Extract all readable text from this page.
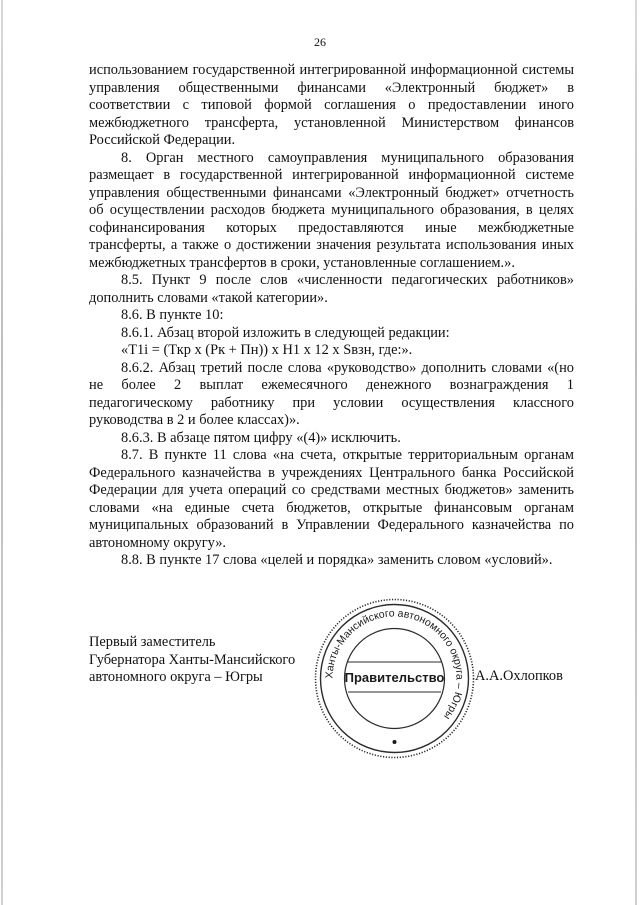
26

использованием государственной интегрированной информационной системы управления общественными финансами «Электронный бюджет» в соответствии с типовой формой соглашения о предоставлении иного межбюджетного трансферта, установленной Министерством финансов Российской Федерации.

8. Орган местного самоуправления муниципального образования размещает в государственной интегрированной информационной системе управления общественными финансами «Электронный бюджет» отчетность об осуществлении расходов бюджета муниципального образования, в целях софинансирования которых предоставляются иные межбюджетные трансферты, а также о достижении значения результата использования иных межбюджетных трансфертов в сроки, установленные соглашением.».

8.5. Пункт 9 после слов «численности педагогических работников» дополнить словами «такой категории».

8.6. В пункте 10:

8.6.1. Абзац второй изложить в следующей редакции:

«T1i = (Ткр х (Рк + Пн)) х Н1 х 12 х Sвзн, где:».

8.6.2. Абзац третий после слова «руководство» дополнить словами «(но не более 2 выплат ежемесячного денежного вознаграждения 1 педагогическому работнику при условии осуществления классного руководства в 2 и более классах)».

8.6.3. В абзаце пятом цифру «(4)» исключить.

8.7. В пункте 11 слова «на счета, открытые территориальным органам Федерального казначейства в учреждениях Центрального банка Российской Федерации для учета операций со средствами местных бюджетов» заменить словами «на единые счета бюджетов, открытые финансовым органам муниципальных образований в Управлении Федерального казначейства по автономному округу».

8.8. В пункте 17 слова «целей и порядка» заменить словом «условий».

Первый заместитель
Губернатора Ханты-Мансийского
автономного округа – Югры	Ханты-Мансийского автономного округа – Югры
Правительство А.А.Охлопков
